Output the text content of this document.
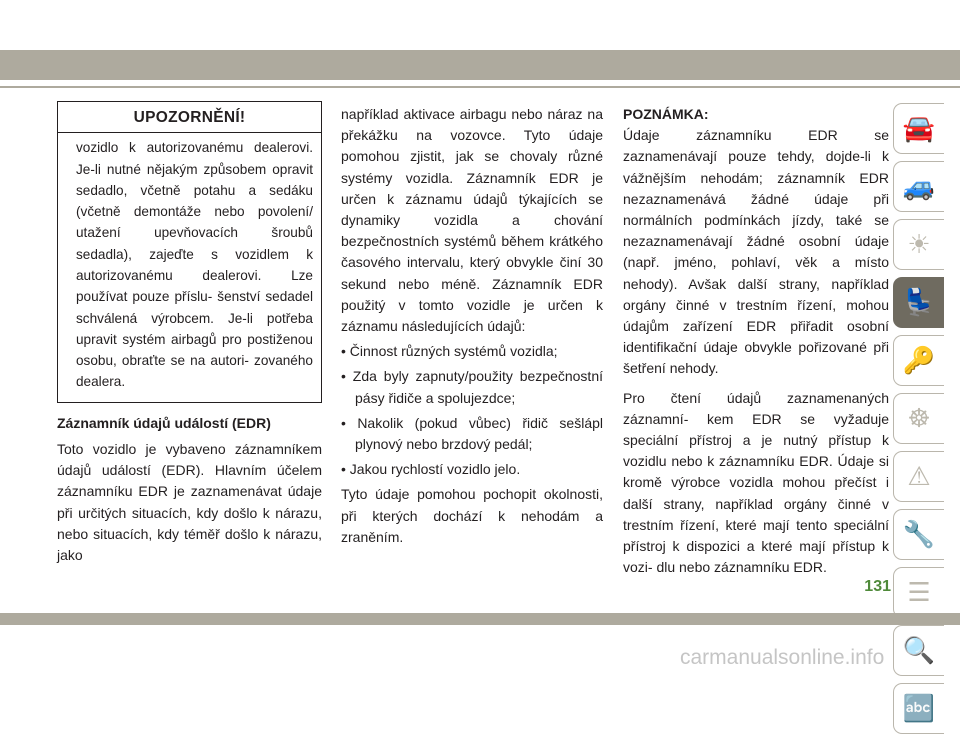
UPOZORNĚNÍ!
vozidlo k autorizovanému dealerovi. Je-li nutné nějakým způsobem opravit sedadlo, včetně potahu a sedáku (včetně demontáže nebo povolení/ utažení upevňovacích šroubů sedadla), zajeďte s vozidlem k autorizovanému dealerovi. Lze používat pouze příslu- šenství sedadel schválená výrobcem. Je-li potřeba upravit systém airbagů pro postiženou osobu, obraťte se na autori- zovaného dealera.
Záznamník údajů událostí (EDR)

Toto vozidlo je vybaveno záznamníkem údajů událostí (EDR). Hlavním účelem záznamníku EDR je zaznamenávat údaje při určitých situacích, kdy došlo k nárazu, nebo situacích, kdy téměř došlo k nárazu, jako

například aktivace airbagu nebo náraz na překážku na vozovce. Tyto údaje pomohou zjistit, jak se chovaly různé systémy vozidla. Záznamník EDR je určen k záznamu údajů týkajících se dynamiky vozidla a chování bezpečnostních systémů během krátkého časového intervalu, který obvykle činí 30 sekund nebo méně. Záznamník EDR použitý v tomto vozidle je určen k záznamu následujících údajů:

• Činnost různých systémů vozidla;

• Zda byly zapnuty/použity bezpečnostní pásy řidiče a spolujezdce;

• Nakolik (pokud vůbec) řidič sešlápl plynový nebo brzdový pedál;

• Jakou rychlostí vozidlo jelo.

Tyto údaje pomohou pochopit okolnosti, při kterých dochází k nehodám a zraněním.

POZNÁMKA:

Údaje záznamníku EDR se zaznamenávají pouze tehdy, dojde-li k vážnějším nehodám; záznamník EDR nezaznamenává žádné údaje při normálních podmínkách jízdy, také se nezaznamenávají žádné osobní údaje (např. jméno, pohlaví, věk a místo nehody). Avšak další strany, například orgány činné v trestním řízení, mohou údajům zařízení EDR přiřadit osobní identifikační údaje obvykle pořizované při šetření nehody.

Pro čtení údajů zaznamenaných záznamní- kem EDR se vyžaduje speciální přístroj a je nutný přístup k vozidlu nebo k záznamníku EDR. Údaje si kromě výrobce vozidla mohou přečíst i další strany, například orgány činné v trestním řízení, které mají tento speciální přístroj k dispozici a které mají přístup k vozi- dlu nebo záznamníku EDR.

🚘
🚙
☀
💺
🔑
☸
⚠
🔧
☰
🔍
🔤
131
carmanualsonline.info
